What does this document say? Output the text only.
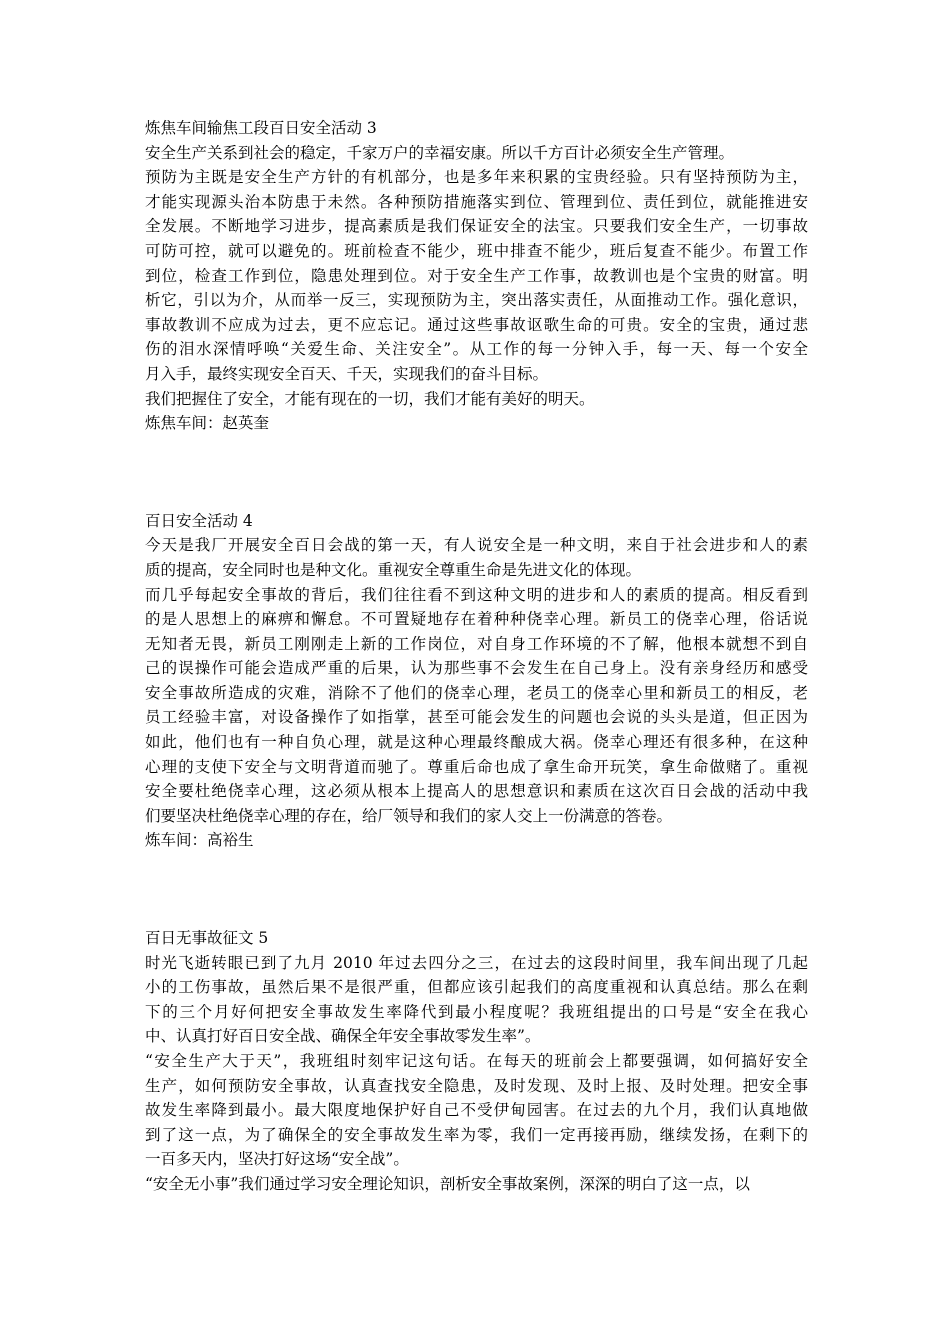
炼焦车间输焦工段百日安全活动 3
安全生产关系到社会的稳定，千家万户的幸福安康。所以千方百计必须安全生产管理。
预防为主既是安全生产方针的有机部分，也是多年来积累的宝贵经验。只有坚持预防为主，
才能实现源头治本防患于未然。各种预防措施落实到位、管理到位、责任到位，就能推进安
全发展。不断地学习进步，提高素质是我们保证安全的法宝。只要我们安全生产，一切事故
可防可控，就可以避免的。班前检查不能少，班中排查不能少，班后复查不能少。布置工作
到位，检查工作到位，隐患处理到位。对于安全生产工作事，故教训也是个宝贵的财富。明
析它，引以为介，从而举一反三，实现预防为主，突出落实责任，从面推动工作。强化意识，
事故教训不应成为过去，更不应忘记。通过这些事故讴歌生命的可贵。安全的宝贵，通过悲
伤的泪水深情呼唤“关爱生命、关注安全”。从工作的每一分钟入手，每一天、每一个安全
月入手，最终实现安全百天、千天，实现我们的奋斗目标。
我们把握住了安全，才能有现在的一切，我们才能有美好的明天。
炼焦车间：赵英奎
百日安全活动 4
今天是我厂开展安全百日会战的第一天，有人说安全是一种文明，来自于社会进步和人的素
质的提高，安全同时也是种文化。重视安全尊重生命是先进文化的体现。
而几乎每起安全事故的背后，我们往往看不到这种文明的进步和人的素质的提高。相反看到
的是人思想上的麻痹和懈怠。不可置疑地存在着种种侥幸心理。新员工的侥幸心理，俗话说
无知者无畏，新员工刚刚走上新的工作岗位，对自身工作环境的不了解，他根本就想不到自
己的误操作可能会造成严重的后果，认为那些事不会发生在自己身上。没有亲身经历和感受
安全事故所造成的灾难，消除不了他们的侥幸心理，老员工的侥幸心里和新员工的相反，老
员工经验丰富，对设备操作了如指掌，甚至可能会发生的问题也会说的头头是道，但正因为
如此，他们也有一种自负心理，就是这种心理最终酿成大祸。侥幸心理还有很多种，在这种
心理的支使下安全与文明背道而驰了。尊重后命也成了拿生命开玩笑，拿生命做赌了。重视
安全要杜绝侥幸心理，这必须从根本上提高人的思想意识和素质在这次百日会战的活动中我
们要坚决杜绝侥幸心理的存在，给厂领导和我们的家人交上一份满意的答卷。
炼车间：高裕生
百日无事故征文 5
时光飞逝转眼已到了九月 2010 年过去四分之三，在过去的这段时间里，我车间出现了几起
小的工伤事故，虽然后果不是很严重，但都应该引起我们的高度重视和认真总结。那么在剩
下的三个月好何把安全事故发生率降代到最小程度呢？我班组提出的口号是“安全在我心
中、认真打好百日安全战、确保全年安全事故零发生率”。
“安全生产大于天”，我班组时刻牢记这句话。在每天的班前会上都要强调，如何搞好安全
生产，如何预防安全事故，认真查找安全隐患，及时发现、及时上报、及时处理。把安全事
故发生率降到最小。最大限度地保护好自己不受伊甸园害。在过去的九个月，我们认真地做
到了这一点，为了确保全的安全事故发生率为零，我们一定再接再励，继续发扬，在剩下的
一百多天内，坚决打好这场“安全战”。
“安全无小事”我们通过学习安全理论知识，剖析安全事故案例，深深的明白了这一点，以
